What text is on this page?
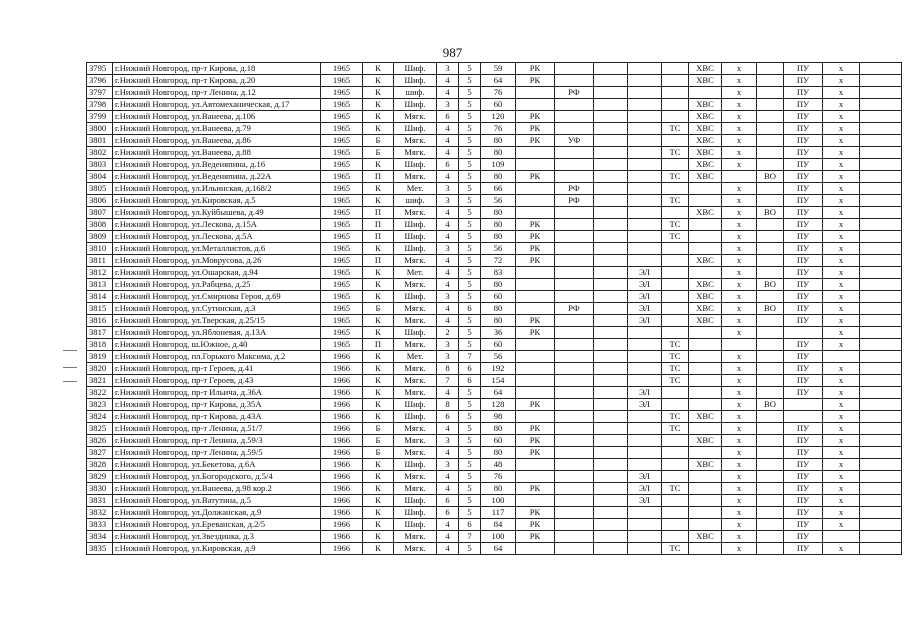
987
3795	г.Нижний Новгород, пр-т Кирова, д.18	1965	К	Шиф.	3	5	59	РК					ХВС	х		ПУ	х	
3796	г.Нижний Новгород, пр-т Кирова, д.20	1965	К	Шиф.	4	5	64	РК					ХВС	х		ПУ	х	
3797	г.Нижний Новгород, пр-т Ленина, д.12	1965	К	шиф.	4	5	76		РФ					х		ПУ	х	
3798	г.Нижний Новгород, ул.Автомеханическая, д.17	1965	К	Шиф.	3	5	60						ХВС	х		ПУ	х	
3799	г.Нижний Новгород, ул.Ванеева, д.106	1965	К	Мягк.	6	5	120	РК					ХВС	х		ПУ	х	
3800	г.Нижний Новгород, ул.Ванеева, д.79	1965	К	Шиф.	4	5	76	РК				ТС	ХВС	х		ПУ	х	
3801	г.Нижний Новгород, ул.Ванеева, д.86	1965	Б	Мягк.	4	5	80	РК	УФ				ХВС	х		ПУ	х	
3802	г.Нижний Новгород, ул.Ванеева, д.88	1965	Б	Мягк.	4	5	80					ТС	ХВС	х		ПУ	х	
3803	г.Нижний Новгород, ул.Веденяпина, д.16	1965	К	Шиф.	6	5	109						ХВС	х		ПУ	х	
3804	г.Нижний Новгород, ул.Веденяпина, д.22А	1965	П	Мягк.	4	5	80	РК				ТС	ХВС		ВО	ПУ	х	
3805	г.Нижний Новгород, ул.Ильинская, д.168/2	1965	К	Мет.	3	5	66		РФ					х		ПУ	х	
3806	г.Нижний Новгород, ул.Кировская, д.5	1965	К	шиф.	3	5	56		РФ			ТС		х		ПУ	х	
3807	г.Нижний Новгород, ул.Куйбышева, д.49	1965	П	Мягк.	4	5	80						ХВС	х	ВО	ПУ	х	
3808	г.Нижний Новгород, ул.Лескова, д.15А	1965	П	Шиф.	4	5	80	РК				ТС		х		ПУ	х	
3809	г.Нижний Новгород, ул.Лескова, д.5А	1965	П	Шиф.	4	5	80	РК				ТС		х		ПУ	х	
3810	г.Нижний Новгород, ул.Металлистов, д.6	1965	К	Шиф.	3	5	56	РК						х		ПУ	х	
3811	г.Нижний Новгород, ул.Моврусова, д.26	1965	П	Мягк.	4	5	72	РК					ХВС	х		ПУ	х	
3812	г.Нижний Новгород, ул.Ошарская, д.94	1965	К	Мет.	4	5	83				ЭЛ			х		ПУ	х	
3813	г.Нижний Новгород, ул.Рабцева, д.25	1965	К	Мягк.	4	5	80				ЭЛ		ХВС	х	ВО	ПУ	х	
3814	г.Нижний Новгород, ул.Смирнова Героя, д.69	1965	К	Шиф.	3	5	60				ЭЛ		ХВС	х		ПУ	х	
3815	г.Нижний Новгород, ул.Сутинская, д.3	1965	Б	Мягк.	4	6	80		РФ		ЭЛ		ХВС	х	ВО	ПУ	х	
3816	г.Нижний Новгород, ул.Тверская, д.25/15	1965	К	Мягк.	4	5	80	РК			ЭЛ		ХВС	х		ПУ	х	
3817	г.Нижний Новгород, ул.Яблоневая, д.13А	1965	К	Шиф.	2	5	36	РК						х			х	
3818	г.Нижний Новгород, ш.Южное, д.40	1965	П	Мягк.	3	5	60					ТС				ПУ	х	
3819	г.Нижний Новгород, пл.Горького Максима, д.2	1966	К	Мет.	3	7	56					ТС		х		ПУ		
3820	г.Нижний Новгород, пр-т Героев, д.41	1966	К	Мягк.	8	6	192					ТС		х		ПУ	х	
3821	г.Нижний Новгород, пр-т Героев, д.43	1966	К	Мягк.	7	6	154					ТС		х		ПУ	х	
3822	г.Нижний Новгород, пр-т Ильича, д.36А	1966	К	Мягк.	4	5	64				ЭЛ			х		ПУ	х	
3823	г.Нижний Новгород, пр-т Кирова, д.35А	1966	К	Шиф.	8	5	128	РК			ЭЛ			х	ВО		х	
3824	г.Нижний Новгород, пр-т Кирова, д.43А	1966	К	Шиф.	6	5	98					ТС	ХВС	х			х	
3825	г.Нижний Новгород, пр-т Ленина, д.51/7	1966	Б	Мягк.	4	5	80	РК				ТС		х		ПУ	х	
3826	г.Нижний Новгород, пр-т Ленина, д.59/3	1966	Б	Мягк.	3	5	60	РК					ХВС	х		ПУ	х	
3827	г.Нижний Новгород, пр-т Ленина, д.59/5	1966	Б	Мягк.	4	5	80	РК						х		ПУ	х	
3828	г.Нижний Новгород, ул.Бекетова, д.6А	1966	К	Шиф.	3	5	48						ХВС	х		ПУ	х	
3829	г.Нижний Новгород, ул.Богородского, д.5/4	1966	К	Мягк.	4	5	76				ЭЛ			х		ПУ	х	
3830	г.Нижний Новгород, ул.Ванеева, д.98 кор.2	1966	К	Мягк.	4	5	80	РК			ЭЛ	ТС		х		ПУ	х	
3831	г.Нижний Новгород, ул.Ватутина, д.5	1966	К	Шиф.	6	5	100				ЭЛ			х		ПУ	х	
3832	г.Нижний Новгород, ул.Должанская, д.9	1966	К	Шиф.	6	5	117	РК						х		ПУ	х	
3833	г.Нижний Новгород, ул.Ереванская, д.2/5	1966	К	Шиф.	4	6	84	РК						х		ПУ	х	
3834	г.Нижний Новгород, ул.Звездинка, д.3	1966	К	Мягк.	4	7	100	РК					ХВС	х		ПУ		
3835	г.Нижний Новгород, ул.Кировская, д.9	1966	К	Мягк.	4	5	64					ТС		х		ПУ	х	
